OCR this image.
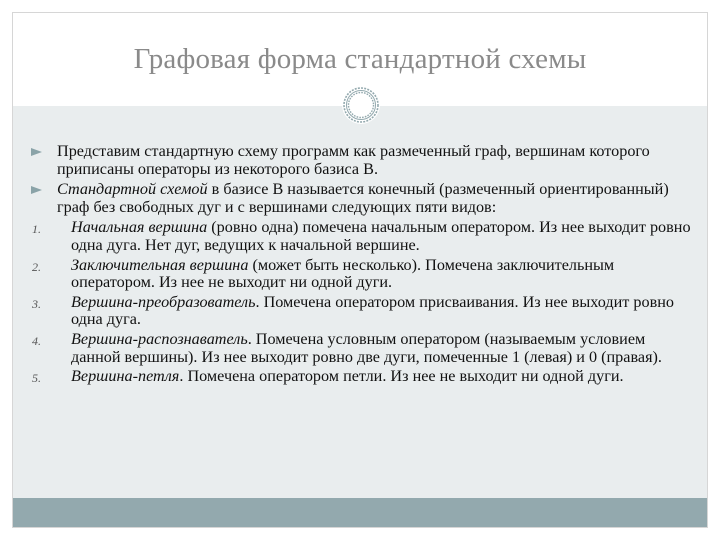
Графовая форма стандартной схемы
Представим стандартную схему программ как размеченный граф, вершинам которого приписаны операторы из некоторого базиса B.
Стандартной схемой в базисе B называется конечный (размеченный ориентированный) граф без свободных дуг и с вершинами следующих пяти видов:
1. Начальная вершина (ровно одна) помечена начальным оператором. Из нее выходит ровно одна дуга. Нет дуг, ведущих к начальной вершине.
2. Заключительная вершина (может быть несколько). Помечена заключительным оператором. Из нее не выходит ни одной дуги.
3. Вершина-преобразователь. Помечена оператором присваивания. Из нее выходит ровно одна дуга.
4. Вершина-распознаватель. Помечена условным оператором (называемым условием данной вершины). Из нее выходит ровно две дуги, помеченные 1 (левая) и 0 (правая).
5. Вершина-петля. Помечена оператором петли. Из нее не выходит ни одной дуги.
